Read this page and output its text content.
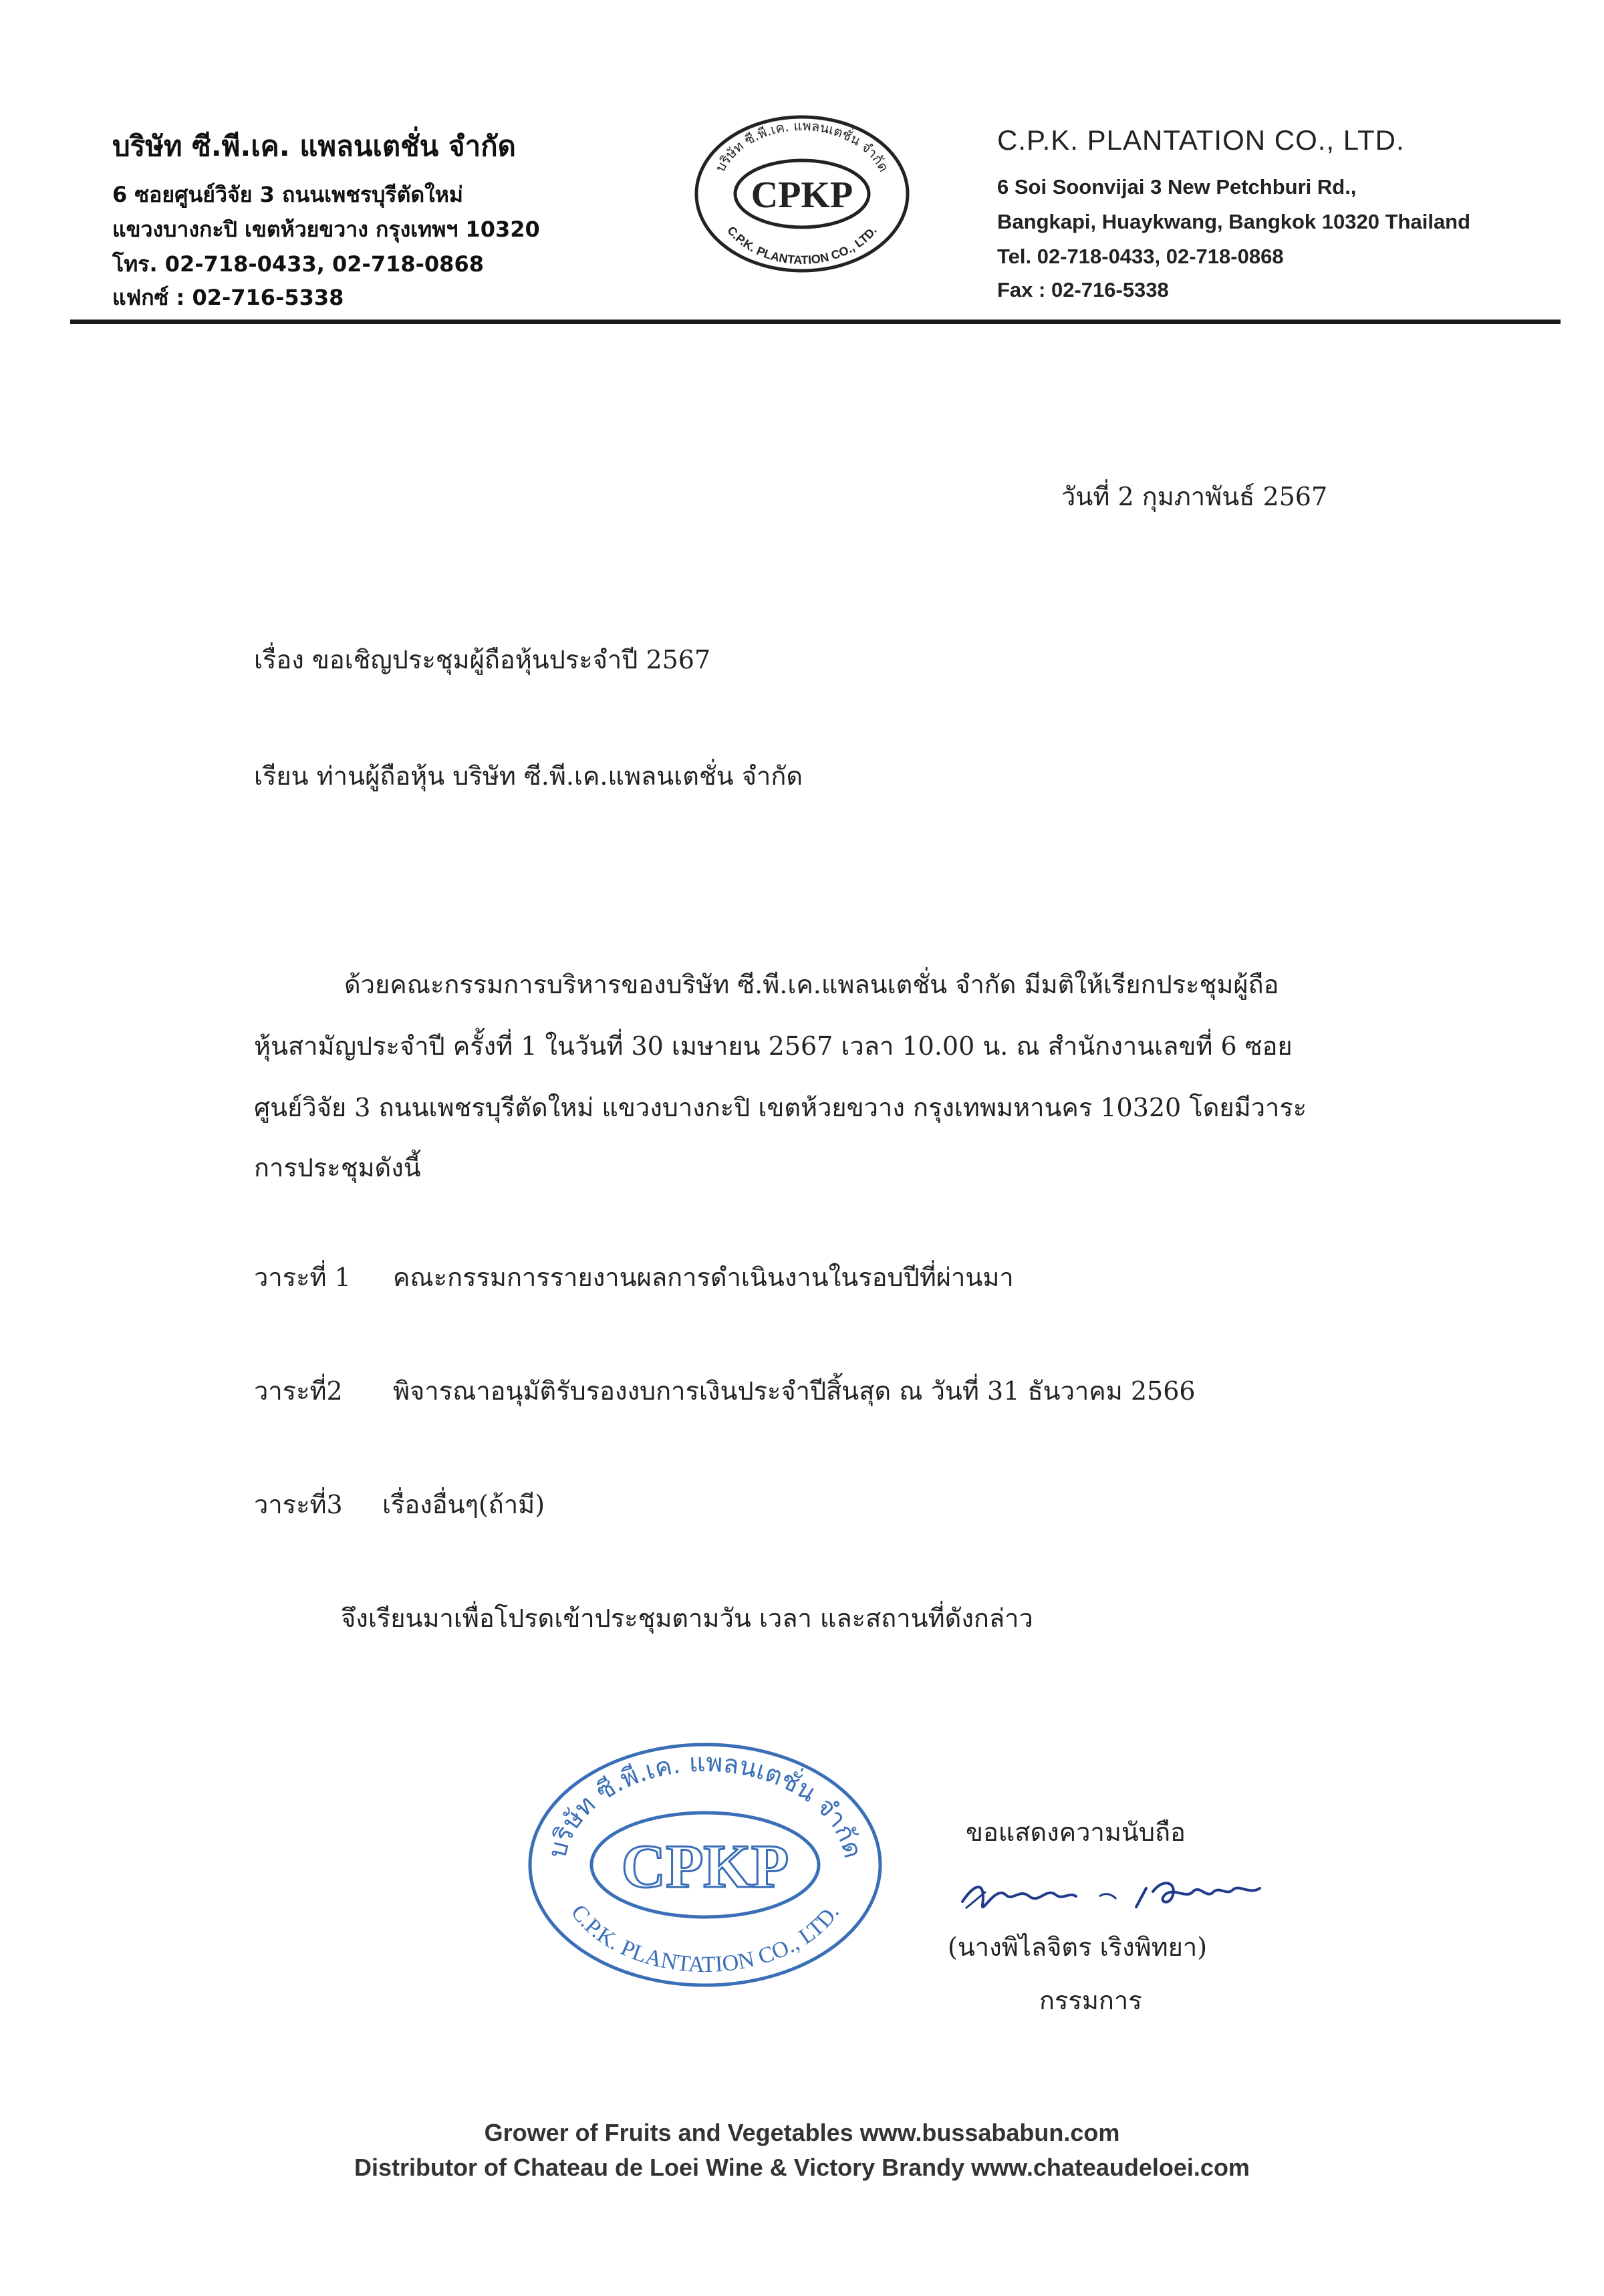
บริษัท ซี.พี.เค. แพลนเตชั่น จำกัด
6 ซอยศูนย์วิจัย 3 ถนนเพชรบุรีตัดใหม่
แขวงบางกะปิ เขตห้วยขวาง กรุงเทพฯ 10320
โทร. 02-718-0433, 02-718-0868
แฟกซ์ : 02-716-5338
บริษัท ซี.พี.เค. แพลนเตชั่น จำกัด
C.P.K. PLANTATION CO., LTD.
CPKP
C.P.K. PLANTATION CO., LTD.
6 Soi Soonvijai 3 New Petchburi Rd.,
Bangkapi, Huaykwang, Bangkok 10320 Thailand
Tel. 02-718-0433, 02-718-0868
Fax : 02-716-5338
วันที่ 2 กุมภาพันธ์ 2567
เรื่อง ขอเชิญประชุมผู้ถือหุ้นประจำปี 2567
เรียน ท่านผู้ถือหุ้น บริษัท ซี.พี.เค.แพลนเตชั่น จำกัด
ด้วยคณะกรรมการบริหารของบริษัท ซี.พี.เค.แพลนเตชั่น จำกัด มีมติให้เรียกประชุมผู้ถือ
หุ้นสามัญประจำปี ครั้งที่ 1 ในวันที่ 30 เมษายน 2567 เวลา 10.00 น. ณ สำนักงานเลขที่ 6 ซอย
ศูนย์วิจัย 3 ถนนเพชรบุรีตัดใหม่ แขวงบางกะปิ เขตห้วยขวาง กรุงเทพมหานคร 10320 โดยมีวาระ
การประชุมดังนี้
วาระที่ 1 คณะกรรมการรายงานผลการดำเนินงานในรอบปีที่ผ่านมา
วาระที่2 พิจารณาอนุมัติรับรองงบการเงินประจำปีสิ้นสุด ณ วันที่ 31 ธันวาคม 2566
วาระที่3 เรื่องอื่นๆ(ถ้ามี)
จึงเรียนมาเพื่อโปรดเข้าประชุมตามวัน เวลา และสถานที่ดังกล่าว
บริษัท ซี.พี.เค. แพลนเตชั่น จำกัด
C.P.K. PLANTATION CO., LTD.
CPKP	ขอแสดงความนับถือ
(นางพิไลจิตร เริงพิทยา)
กรรมการ
Grower of Fruits and Vegetables www.bussababun.com
Distributor of Chateau de Loei Wine & Victory Brandy www.chateaudeloei.com
